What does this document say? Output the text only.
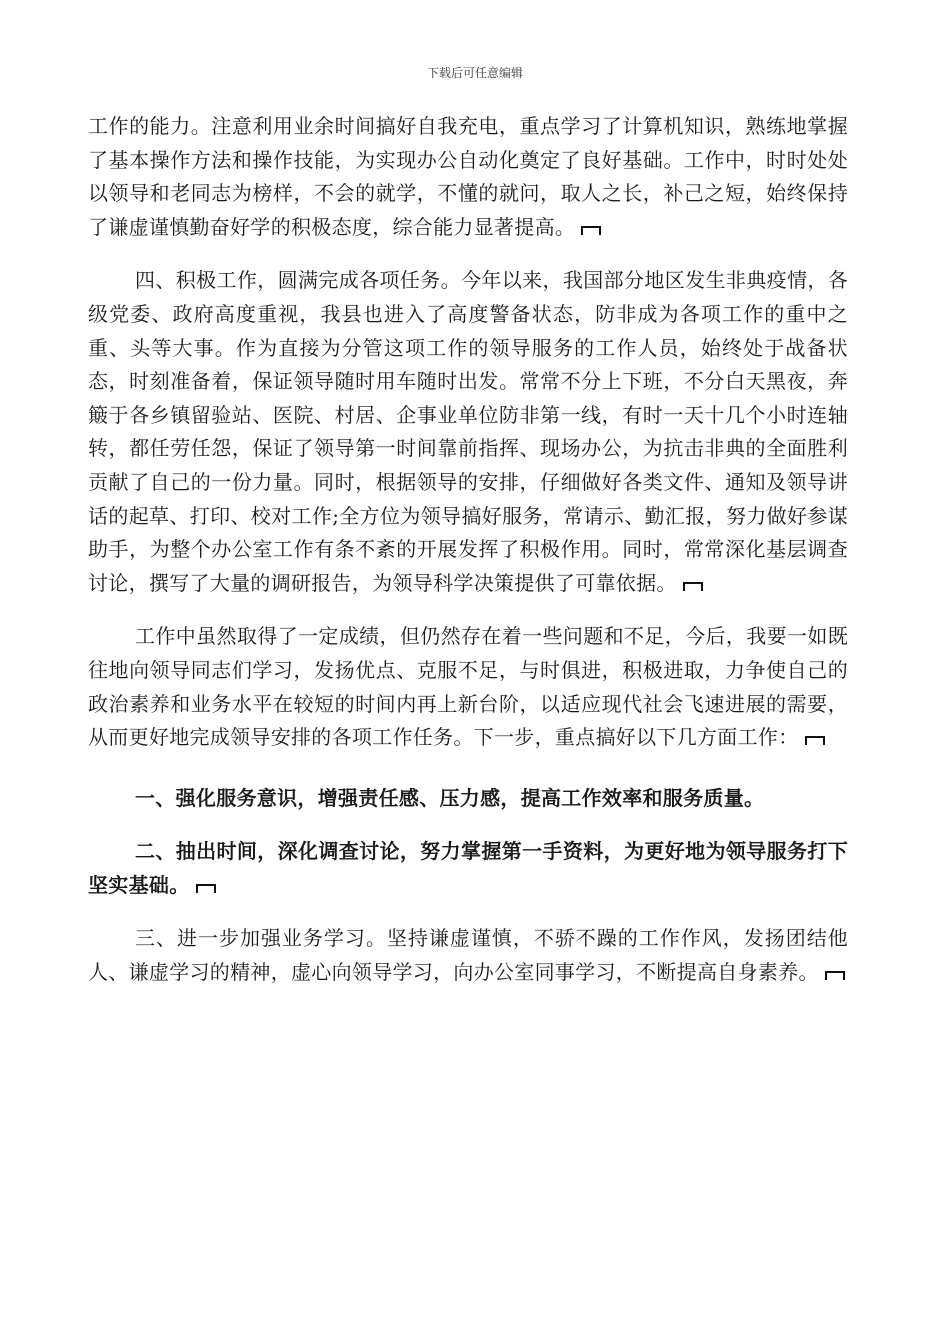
下载后可任意编辑

工作的能力。注意利用业余时间搞好自我充电，重点学习了计算机知识，熟练地掌握了基本操作方法和操作技能，为实现办公自动化奠定了良好基础。工作中，时时处处以领导和老同志为榜样，不会的就学，不懂的就问，取人之长，补己之短，始终保持了谦虚谨慎勤奋好学的积极态度，综合能力显著提高。

四、积极工作，圆满完成各项任务。今年以来，我国部分地区发生非典疫情，各级党委、政府高度重视，我县也进入了高度警备状态，防非成为各项工作的重中之重、头等大事。作为直接为分管这项工作的领导服务的工作人员，始终处于战备状态，时刻准备着，保证领导随时用车随时出发。常常不分上下班，不分白天黑夜，奔簸于各乡镇留验站、医院、村居、企事业单位防非第一线，有时一天十几个小时连轴转，都任劳任怨，保证了领导第一时间靠前指挥、现场办公，为抗击非典的全面胜利贡献了自己的一份力量。同时，根据领导的安排，仔细做好各类文件、通知及领导讲话的起草、打印、校对工作;全方位为领导搞好服务，常请示、勤汇报，努力做好参谋助手，为整个办公室工作有条不紊的开展发挥了积极作用。同时，常常深化基层调查讨论，撰写了大量的调研报告，为领导科学决策提供了可靠依据。

工作中虽然取得了一定成绩，但仍然存在着一些问题和不足，今后，我要一如既往地向领导同志们学习，发扬优点、克服不足，与时俱进，积极进取，力争使自己的政治素养和业务水平在较短的时间内再上新台阶，以适应现代社会飞速进展的需要，从而更好地完成领导安排的各项工作任务。下一步，重点搞好以下几方面工作：

一、强化服务意识，增强责任感、压力感，提高工作效率和服务质量。

二、抽出时间，深化调查讨论，努力掌握第一手资料，为更好地为领导服务打下坚实基础。

三、进一步加强业务学习。坚持谦虚谨慎，不骄不躁的工作作风，发扬团结他人、谦虚学习的精神，虚心向领导学习，向办公室同事学习，不断提高自身素养。
